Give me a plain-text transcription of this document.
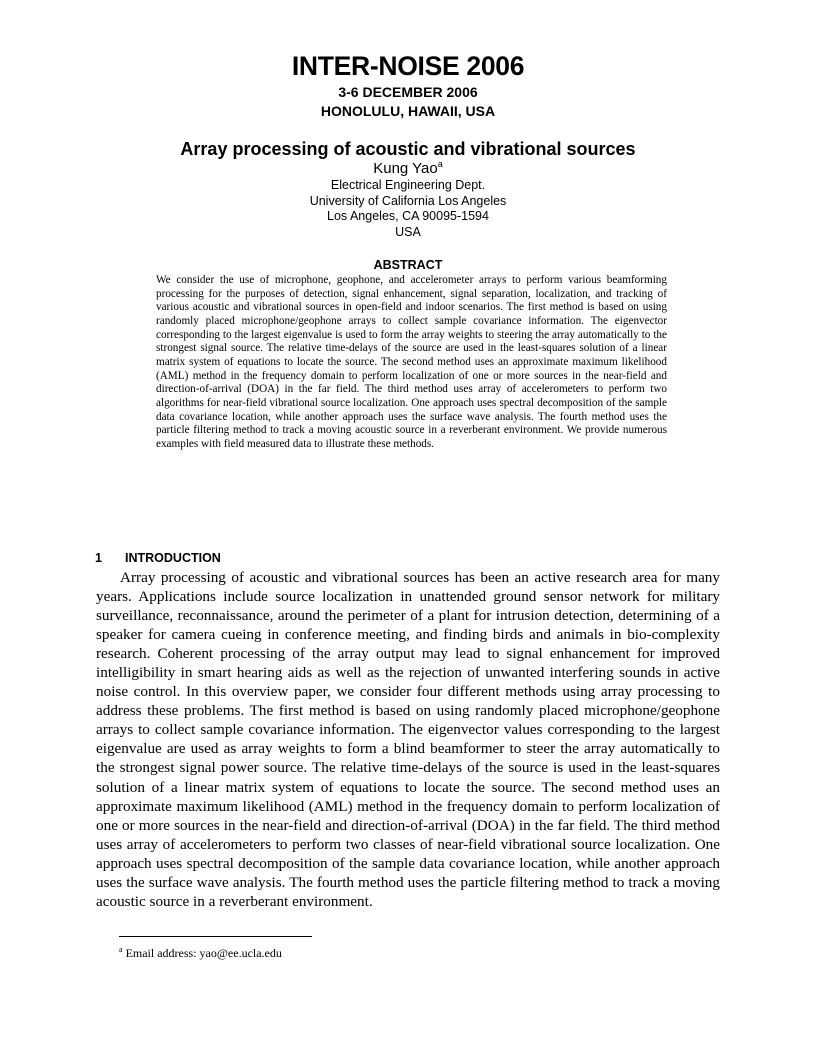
INTER-NOISE 2006
3-6 DECEMBER 2006
HONOLULU, HAWAII, USA
Array processing of acoustic and vibrational sources
Kung Yao$^a$
Electrical Engineering Dept.
University of California Los Angeles
Los Angeles, CA 90095-1594
USA
ABSTRACT
We consider the use of microphone, geophone, and accelerometer arrays to perform various beamforming processing for the purposes of detection, signal enhancement, signal separation, localization, and tracking of various acoustic and vibrational sources in open-field and indoor scenarios. The first method is based on using randomly placed microphone/geophone arrays to collect sample covariance information. The eigenvector corresponding to the largest eigenvalue is used to form the array weights to steering the array automatically to the strongest signal source. The relative time-delays of the source are used in the least-squares solution of a linear matrix system of equations to locate the source. The second method uses an approximate maximum likelihood (AML) method in the frequency domain to perform localization of one or more sources in the near-field and direction-of-arrival (DOA) in the far field. The third method uses array of accelerometers to perform two algorithms for near-field vibrational source localization. One approach uses spectral decomposition of the sample data covariance location, while another approach uses the surface wave analysis. The fourth method uses the particle filtering method to track a moving acoustic source in a reverberant environment. We provide numerous examples with field measured data to illustrate these methods.
1 INTRODUCTION
Array processing of acoustic and vibrational sources has been an active research area for many years. Applications include source localization in unattended ground sensor network for military surveillance, reconnaissance, around the perimeter of a plant for intrusion detection, determining of a speaker for camera cueing in conference meeting, and finding birds and animals in bio-complexity research. Coherent processing of the array output may lead to signal enhancement for improved intelligibility in smart hearing aids as well as the rejection of unwanted interfering sounds in active noise control. In this overview paper, we consider four different methods using array processing to address these problems. The first method is based on using randomly placed microphone/geophone arrays to collect sample covariance information. The eigenvector values corresponding to the largest eigenvalue are used as array weights to form a blind beamformer to steer the array automatically to the strongest signal power source. The relative time-delays of the source is used in the least-squares solution of a linear matrix system of equations to locate the source. The second method uses an approximate maximum likelihood (AML) method in the frequency domain to perform localization of one or more sources in the near-field and direction-of-arrival (DOA) in the far field. The third method uses array of accelerometers to perform two classes of near-field vibrational source localization. One approach uses spectral decomposition of the sample data covariance location, while another approach uses the surface wave analysis. The fourth method uses the particle filtering method to track a moving acoustic source in a reverberant environment.
$^a$ Email address: yao@ee.ucla.edu
